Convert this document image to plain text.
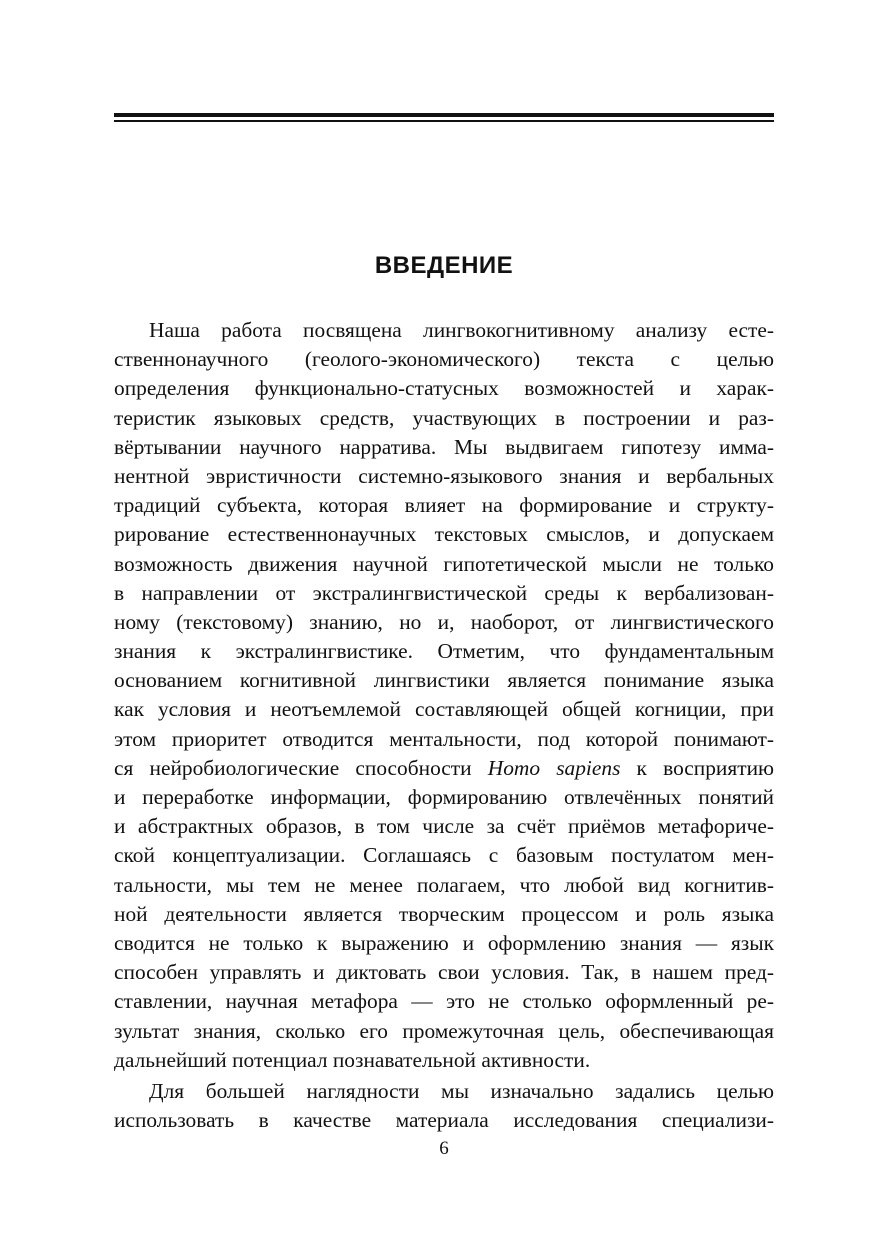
ВВЕДЕНИЕ
Наша работа посвящена лингвокогнитивному анализу есте-
ственнонаучного (геолого-экономического) текста с целью
определения функционально-статусных возможностей и харак-
теристик языковых средств, участвующих в построении и раз-
вёртывании научного нарратива. Мы выдвигаем гипотезу имма-
нентной эвристичности системно-языкового знания и вербальных
традиций субъекта, которая влияет на формирование и структу-
рирование естественнонаучных текстовых смыслов, и допускаем
возможность движения научной гипотетической мысли не только
в направлении от экстралингвистической среды к вербализован-
ному (текстовому) знанию, но и, наоборот, от лингвистического
знания к экстралингвистике. Отметим, что фундаментальным
основанием когнитивной лингвистики является понимание языка
как условия и неотъемлемой составляющей общей когниции, при
этом приоритет отводится ментальности, под которой понимают-
ся нейробиологические способности Homo sapiens к восприятию
и переработке информации, формированию отвлечённых понятий
и абстрактных образов, в том числе за счёт приёмов метафориче-
ской концептуализации. Соглашаясь с базовым постулатом мен-
тальности, мы тем не менее полагаем, что любой вид когнитив-
ной деятельности является творческим процессом и роль языка
сводится не только к выражению и оформлению знания — язык
способен управлять и диктовать свои условия. Так, в нашем пред-
ставлении, научная метафора — это не столько оформленный ре-
зультат знания, сколько его промежуточная цель, обеспечивающая
дальнейший потенциал познавательной активности.
Для большей наглядности мы изначально задались целью
использовать в качестве материала исследования специализи-
6
